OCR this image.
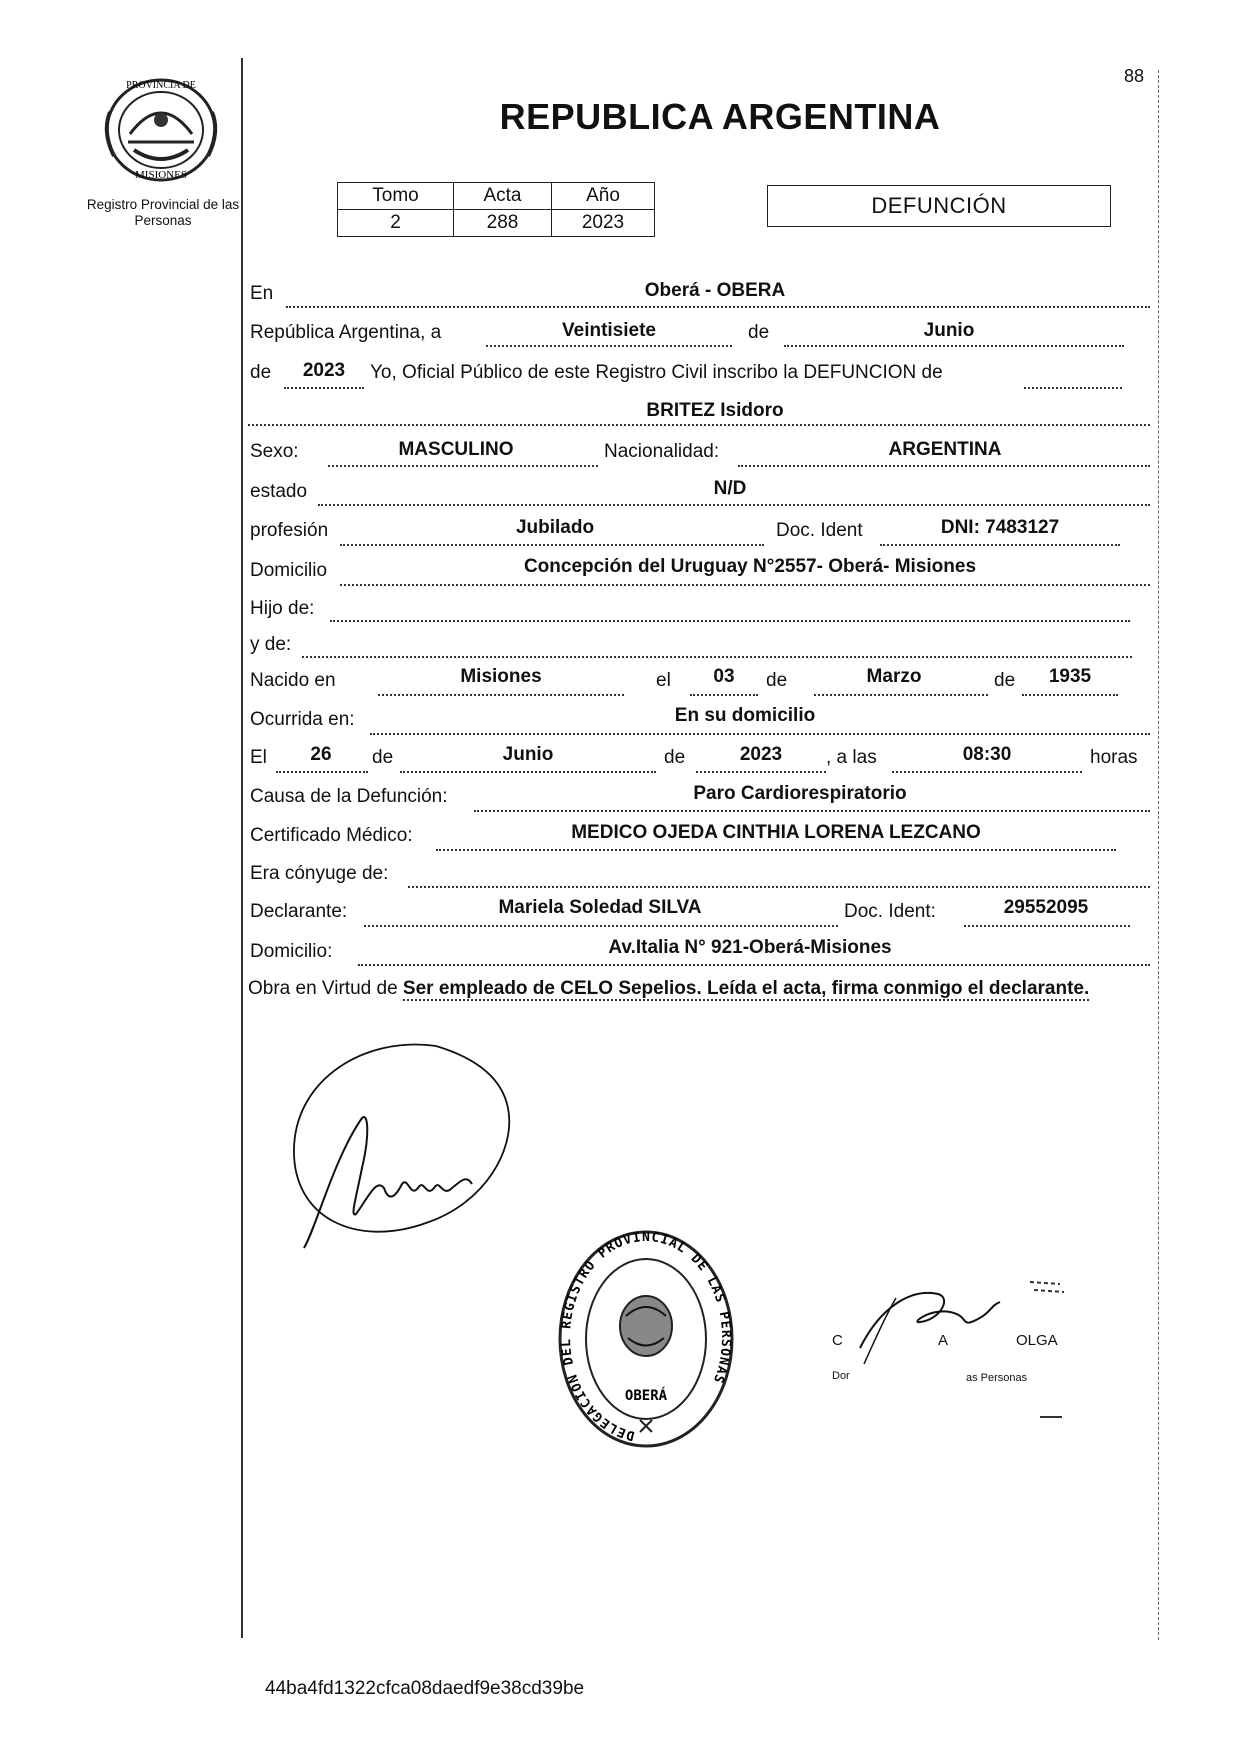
88
PROVINCIA DE
MISIONES
Registro Provincial de las Personas
REPUBLICA ARGENTINA
Tomo	Acta	Año
2	288	2023
DEFUNCIÓN
En	Oberá - OBERA
República Argentina, a	Veintisiete	de	Junio
de	2023	Yo, Oficial Público de este Registro Civil inscribo la DEFUNCION de
BRITEZ Isidoro
Sexo:	MASCULINO	Nacionalidad:	ARGENTINA
estado	N/D
profesión	Jubilado	Doc. Ident	DNI: 7483127
Domicilio	Concepción del Uruguay N°2557- Oberá- Misiones
Hijo de:
y de:
Nacido en	Misiones	el	03	de	Marzo	de	1935
Ocurrida en:	En su domicilio
El	26	de	Junio	de	2023	, a las	08:30	horas
Causa de la Defunción:	Paro Cardiorespiratorio
Certificado Médico:	MEDICO OJEDA CINTHIA LORENA LEZCANO
Era cónyuge de:
Declarante:	Mariela Soledad SILVA	Doc. Ident:	29552095
Domicilio:	Av.Italia N° 921-Oberá-Misiones
Obra en Virtud de Ser empleado de CELO Sepelios. Leída el acta, firma conmigo el declarante.
DELEGACION DEL REGISTRO PROVINCIAL DE LAS PERSONAS
OBERÁ
C	A	OLGA
Dor	as Personas
44ba4fd1322cfca08daedf9e38cd39be
